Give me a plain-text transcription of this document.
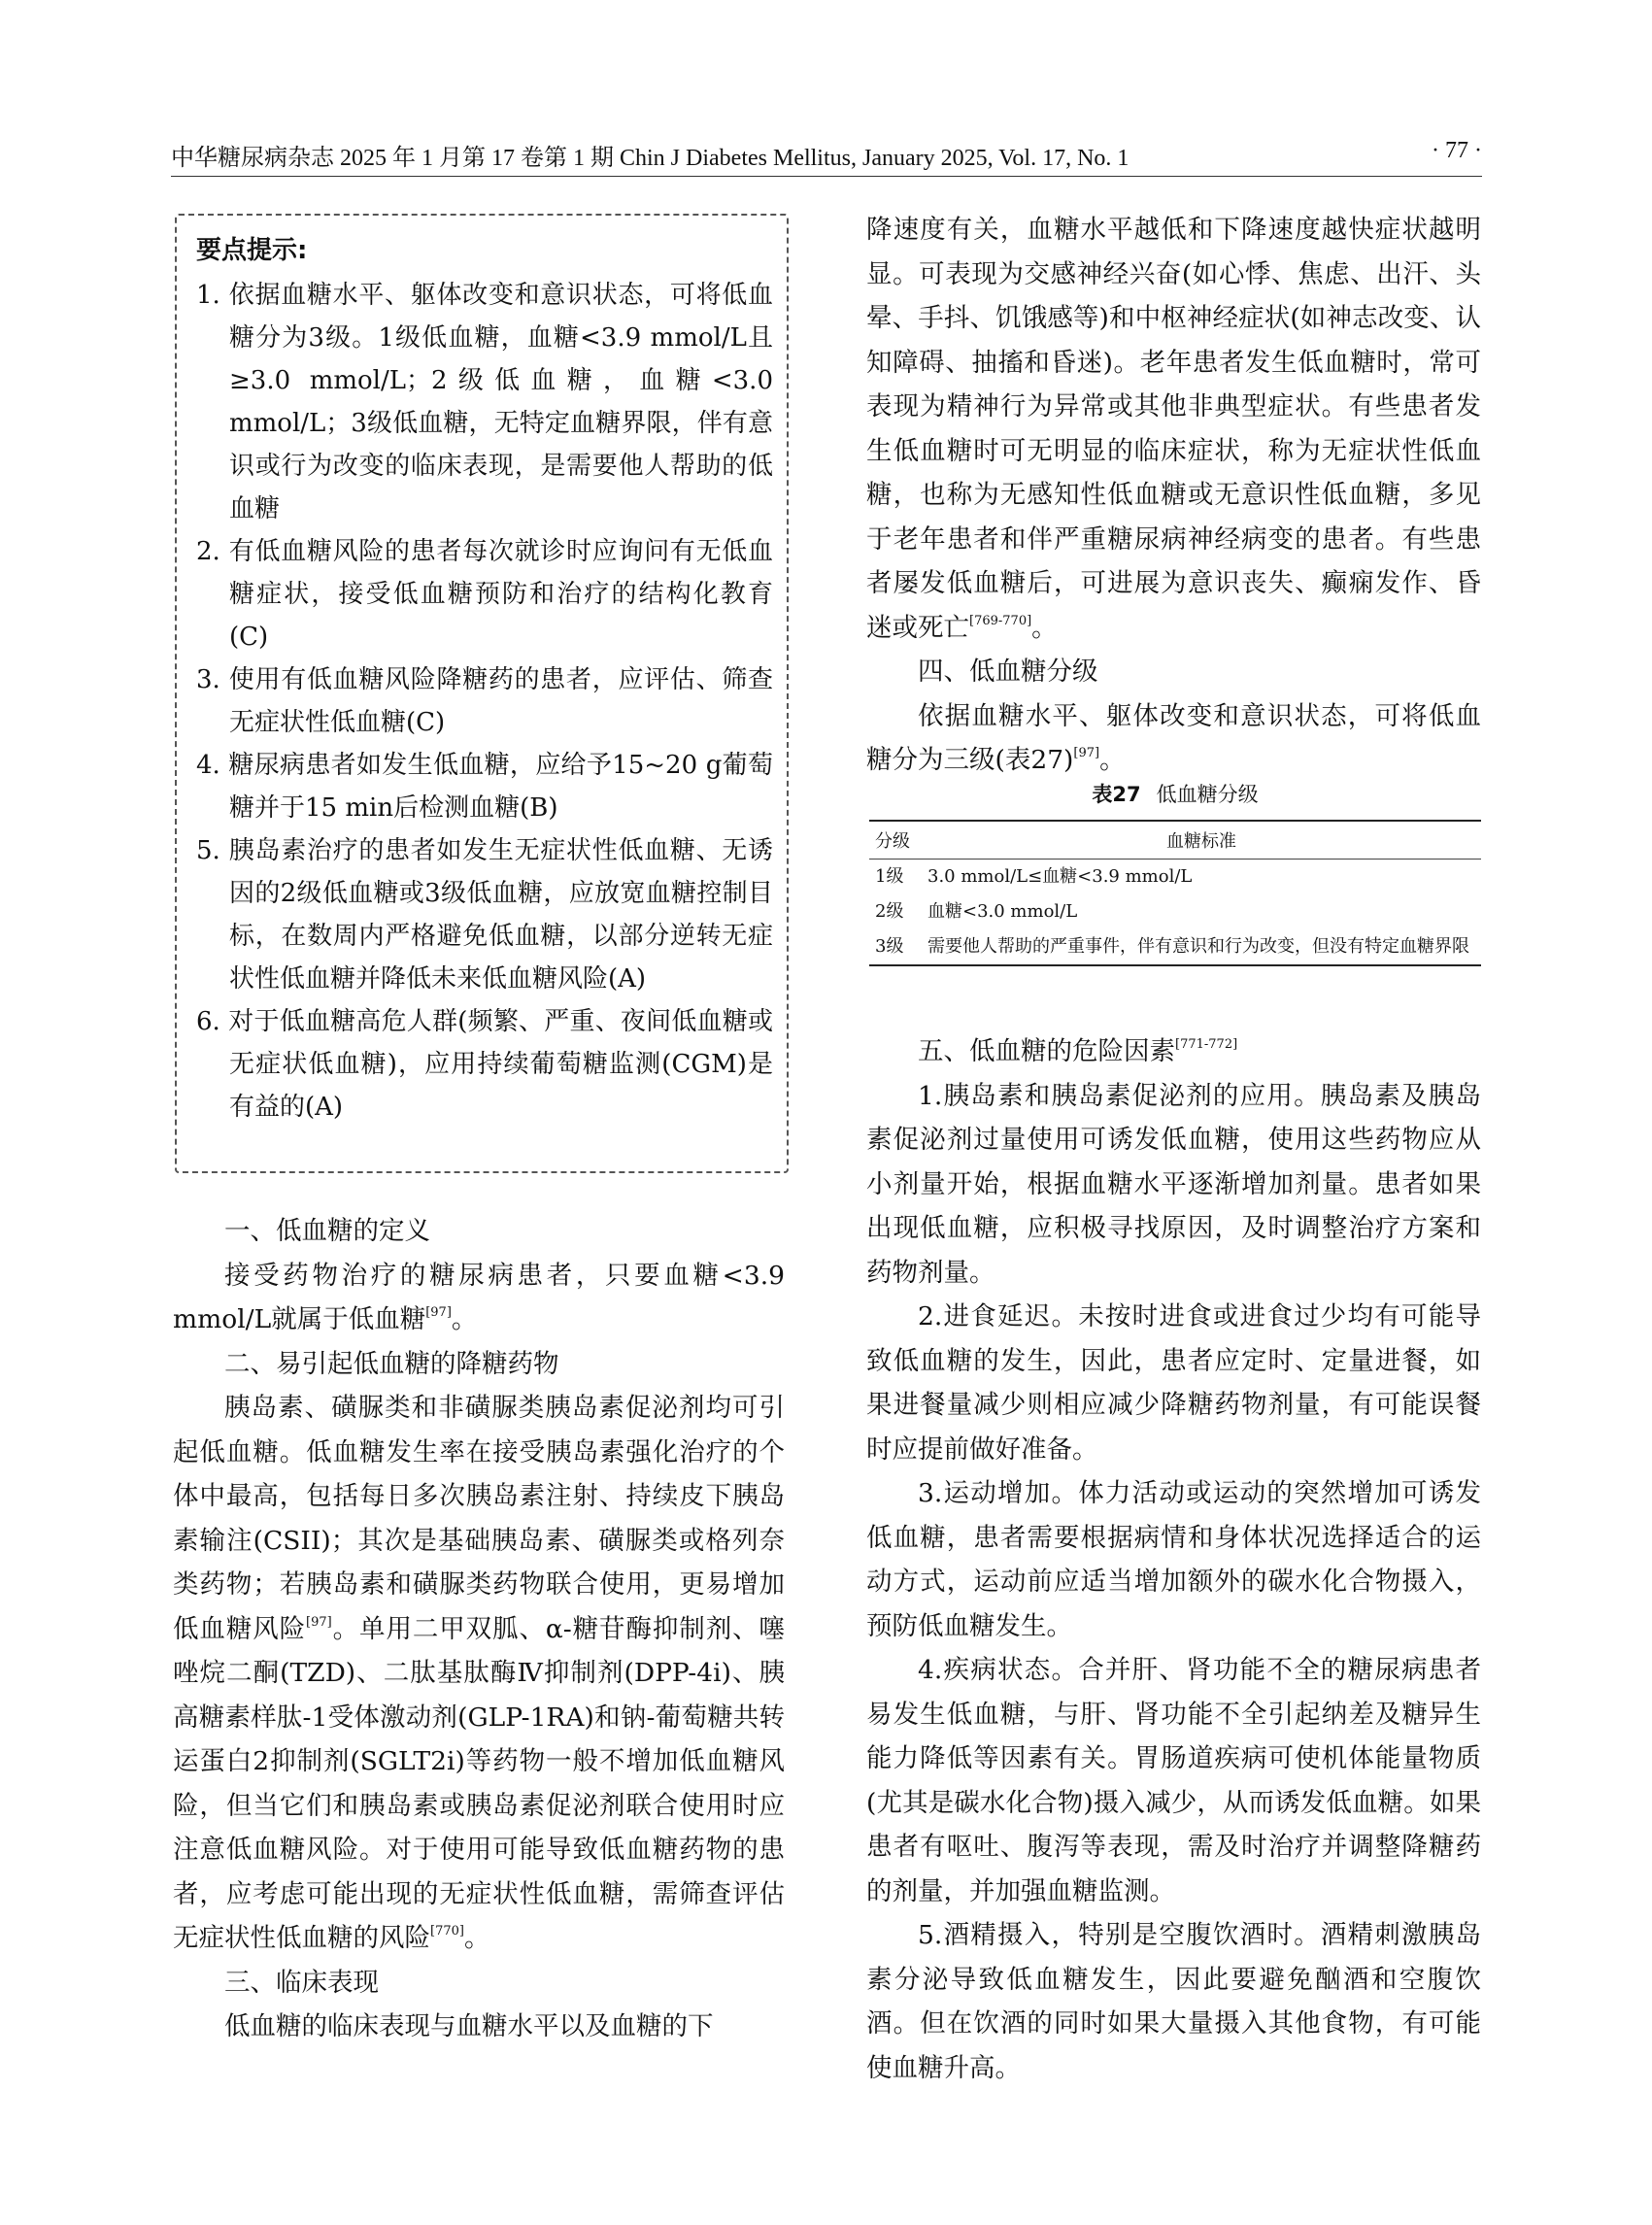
中华糖尿病杂志 2025 年 1 月第 17 卷第 1 期 Chin J Diabetes Mellitus, January 2025, Vol. 17, No. 1	· 77 ·
要点提示:
1. 依据血糖水平、躯体改变和意识状态，可将低血糖分为3级。1级低血糖，血糖<3.9 mmol/L且≥3.0 mmol/L；2级低血糖，血糖<3.0 mmol/L；3级低血糖，无特定血糖界限，伴有意识或行为改变的临床表现，是需要他人帮助的低血糖
2. 有低血糖风险的患者每次就诊时应询问有无低血糖症状，接受低血糖预防和治疗的结构化教育(C)
3. 使用有低血糖风险降糖药的患者，应评估、筛查无症状性低血糖(C)
4. 糖尿病患者如发生低血糖，应给予15~20 g葡萄糖并于15 min后检测血糖(B)
5. 胰岛素治疗的患者如发生无症状性低血糖、无诱因的2级低血糖或3级低血糖，应放宽血糖控制目标，在数周内严格避免低血糖，以部分逆转无症状性低血糖并降低未来低血糖风险(A)
6. 对于低血糖高危人群(频繁、严重、夜间低血糖或无症状低血糖)，应用持续葡萄糖监测(CGM)是有益的(A)

一、低血糖的定义

接受药物治疗的糖尿病患者，只要血糖<3.9 mmol/L就属于低血糖[97]。

二、易引起低血糖的降糖药物

胰岛素、磺脲类和非磺脲类胰岛素促泌剂均可引起低血糖。低血糖发生率在接受胰岛素强化治疗的个体中最高，包括每日多次胰岛素注射、持续皮下胰岛素输注(CSII)；其次是基础胰岛素、磺脲类或格列奈类药物；若胰岛素和磺脲类药物联合使用，更易增加低血糖风险[97]。单用二甲双胍、α-糖苷酶抑制剂、噻唑烷二酮(TZD)、二肽基肽酶Ⅳ抑制剂(DPP-4i)、胰高糖素样肽-1受体激动剂(GLP-1RA)和钠-葡萄糖共转运蛋白2抑制剂(SGLT2i)等药物一般不增加低血糖风险，但当它们和胰岛素或胰岛素促泌剂联合使用时应注意低血糖风险。对于使用可能导致低血糖药物的患者，应考虑可能出现的无症状性低血糖，需筛查评估无症状性低血糖的风险[770]。

三、临床表现

低血糖的临床表现与血糖水平以及血糖的下

降速度有关，血糖水平越低和下降速度越快症状越明显。可表现为交感神经兴奋(如心悸、焦虑、出汗、头晕、手抖、饥饿感等)和中枢神经症状(如神志改变、认知障碍、抽搐和昏迷)。老年患者发生低血糖时，常可表现为精神行为异常或其他非典型症状。有些患者发生低血糖时可无明显的临床症状，称为无症状性低血糖，也称为无感知性低血糖或无意识性低血糖，多见于老年患者和伴严重糖尿病神经病变的患者。有些患者屡发低血糖后，可进展为意识丧失、癫痫发作、昏迷或死亡[769-770]。

四、低血糖分级

依据血糖水平、躯体改变和意识状态，可将低血糖分为三级(表27)[97]。

表27 低血糖分级
分级	血糖标准
1级	3.0 mmol/L≤血糖<3.9 mmol/L
2级	血糖<3.0 mmol/L
3级	需要他人帮助的严重事件，伴有意识和行为改变，但没有特定血糖界限

五、低血糖的危险因素[771-772]

1.胰岛素和胰岛素促泌剂的应用。胰岛素及胰岛素促泌剂过量使用可诱发低血糖，使用这些药物应从小剂量开始，根据血糖水平逐渐增加剂量。患者如果出现低血糖，应积极寻找原因，及时调整治疗方案和药物剂量。

2.进食延迟。未按时进食或进食过少均有可能导致低血糖的发生，因此，患者应定时、定量进餐，如果进餐量减少则相应减少降糖药物剂量，有可能误餐时应提前做好准备。

3.运动增加。体力活动或运动的突然增加可诱发低血糖，患者需要根据病情和身体状况选择适合的运动方式，运动前应适当增加额外的碳水化合物摄入，预防低血糖发生。

4.疾病状态。合并肝、肾功能不全的糖尿病患者易发生低血糖，与肝、肾功能不全引起纳差及糖异生能力降低等因素有关。胃肠道疾病可使机体能量物质(尤其是碳水化合物)摄入减少，从而诱发低血糖。如果患者有呕吐、腹泻等表现，需及时治疗并调整降糖药的剂量，并加强血糖监测。

5.酒精摄入，特别是空腹饮酒时。酒精刺激胰岛素分泌导致低血糖发生，因此要避免酗酒和空腹饮酒。但在饮酒的同时如果大量摄入其他食物，有可能使血糖升高。
